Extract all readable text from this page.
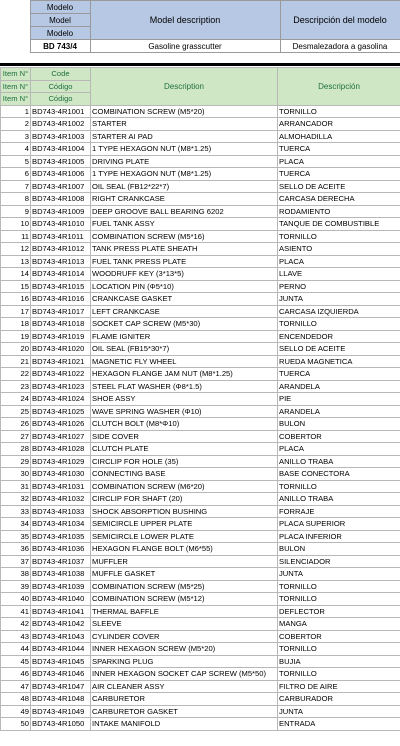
	Modelo	Model description	Descripción del modelo
	Model		
	Modelo		
	BD 743/4	Gasoline grasscutter	Desmalezadora a gasolina
Item N°	Code	Description	Descripción
Item N°	Código		
Item N°	Código		
1	BD743-4R1001	COMBINATION SCREW (M5*20)	TORNILLO
2	BD743-4R1002	STARTER	ARRANCADOR
3	BD743-4R1003	STARTER AI PAD	ALMOHADILLA
4	BD743-4R1004	1 TYPE HEXAGON NUT (M8*1.25)	TUERCA
5	BD743-4R1005	DRIVING PLATE	PLACA
6	BD743-4R1006	1 TYPE HEXAGON NUT (M8*1.25)	TUERCA
7	BD743-4R1007	OIL SEAL (FB12*22*7)	SELLO DE ACEITE
8	BD743-4R1008	RIGHT CRANKCASE	CARCASA DERECHA
9	BD743-4R1009	DEEP GROOVE BALL BEARING 6202	RODAMIENTO
10	BD743-4R1010	FUEL TANK ASSY	TANQUE DE COMBUSTIBLE
11	BD743-4R1011	COMBINATION SCREW (M5*16)	TORNILLO
12	BD743-4R1012	TANK PRESS PLATE SHEATH	ASIENTO
13	BD743-4R1013	FUEL TANK PRESS PLATE	PLACA
14	BD743-4R1014	WOODRUFF KEY (3*13*5)	LLAVE
15	BD743-4R1015	LOCATION PIN (Φ5*10)	PERNO
16	BD743-4R1016	CRANKCASE GASKET	JUNTA
17	BD743-4R1017	LEFT CRANKCASE	CARCASA IZQUIERDA
18	BD743-4R1018	SOCKET CAP SCREW (M5*30)	TORNILLO
19	BD743-4R1019	FLAME IGNITER	ENCENDEDOR
20	BD743-4R1020	OIL SEAL (FB15*30*7)	SELLO DE ACEITE
21	BD743-4R1021	MAGNETIC FLY WHEEL	RUEDA MAGNETICA
22	BD743-4R1022	HEXAGON FLANGE JAM NUT (M8*1.25)	TUERCA
23	BD743-4R1023	STEEL FLAT WASHER (Φ8*1.5)	ARANDELA
24	BD743-4R1024	SHOE ASSY	PIE
25	BD743-4R1025	WAVE SPRING WASHER (Φ10)	ARANDELA
26	BD743-4R1026	CLUTCH BOLT (M8*Φ10)	BULON
27	BD743-4R1027	SIDE COVER	COBERTOR
28	BD743-4R1028	CLUTCH PLATE	PLACA
29	BD743-4R1029	CIRCLIP FOR HOLE (35)	ANILLO TRABA
30	BD743-4R1030	CONNECTING BASE	BASE CONECTORA
31	BD743-4R1031	COMBINATION SCREW (M6*20)	TORNILLO
32	BD743-4R1032	CIRCLIP FOR SHAFT (20)	ANILLO TRABA
33	BD743-4R1033	SHOCK ABSORPTION BUSHING	FORRAJE
34	BD743-4R1034	SEMICIRCLE UPPER PLATE	PLACA SUPERIOR
35	BD743-4R1035	SEMICIRCLE LOWER PLATE	PLACA INFERIOR
36	BD743-4R1036	HEXAGON FLANGE BOLT (M6*55)	BULON
37	BD743-4R1037	MUFFLER	SILENCIADOR
38	BD743-4R1038	MUFFLE GASKET	JUNTA
39	BD743-4R1039	COMBINATION SCREW (M5*25)	TORNILLO
40	BD743-4R1040	COMBINATION SCREW (M5*12)	TORNILLO
41	BD743-4R1041	THERMAL BAFFLE	DEFLECTOR
42	BD743-4R1042	SLEEVE	MANGA
43	BD743-4R1043	CYLINDER COVER	COBERTOR
44	BD743-4R1044	INNER HEXAGON SCREW (M5*20)	TORNILLO
45	BD743-4R1045	SPARKING PLUG	BUJIA
46	BD743-4R1046	INNER HEXAGON SOCKET CAP SCREW (M5*50)	TORNILLO
47	BD743-4R1047	AIR CLEANER ASSY	FILTRO DE AIRE
48	BD743-4R1048	CARBURETOR	CARBURADOR
49	BD743-4R1049	CARBURETOR GASKET	JUNTA
50	BD743-4R1050	INTAKE MANIFOLD	ENTRADA
